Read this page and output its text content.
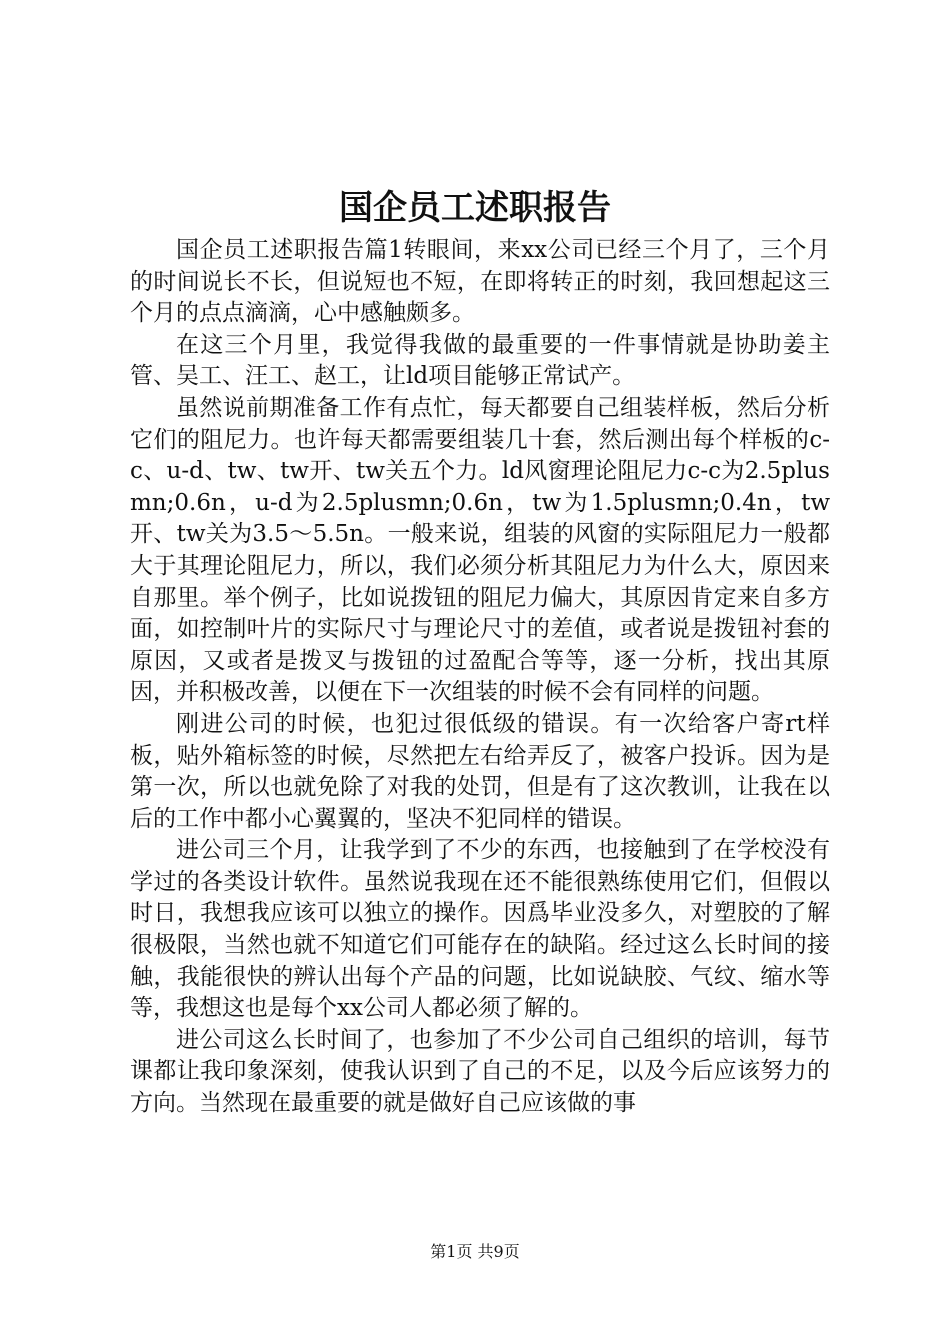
国企员工述职报告

国企员工述职报告篇1转眼间，来xx公司已经三个月了，三个月的时间说长不长，但说短也不短，在即将转正的时刻，我回想起这三个月的点点滴滴，心中感触颇多。

在这三个月里，我觉得我做的最重要的一件事情就是协助姜主管、吴工、汪工、赵工，让ld项目能够正常试产。

虽然说前期准备工作有点忙，每天都要自己组装样板，然后分析它们的阻尼力。也许每天都需要组装几十套，然后测出每个样板的c-c、u-d、tw、tw开、tw关五个力。ld风窗理论阻尼力c-c为2.5plusmn;0.6n，u-d为2.5plusmn;0.6n，tw为1.5plusmn;0.4n，tw开、tw关为3.5～5.5n。一般来说，组装的风窗的实际阻尼力一般都大于其理论阻尼力，所以，我们必须分析其阻尼力为什么大，原因来自那里。举个例子，比如说拨钮的阻尼力偏大，其原因肯定来自多方面，如控制叶片的实际尺寸与理论尺寸的差值，或者说是拨钮衬套的原因，又或者是拨叉与拨钮的过盈配合等等，逐一分析，找出其原因，并积极改善，以便在下一次组装的时候不会有同样的问题。

刚进公司的时候，也犯过很低级的错误。有一次给客户寄rt样板，贴外箱标签的时候，尽然把左右给弄反了，被客户投诉。因为是第一次，所以也就免除了对我的处罚，但是有了这次教训，让我在以后的工作中都小心翼翼的，坚决不犯同样的错误。

进公司三个月，让我学到了不少的东西，也接触到了在学校没有学过的各类设计软件。虽然说我现在还不能很熟练使用它们，但假以时日，我想我应该可以独立的操作。因爲毕业没多久，对塑胶的了解很极限，当然也就不知道它们可能存在的缺陷。经过这么长时间的接触，我能很快的辨认出每个产品的问题，比如说缺胶、气纹、缩水等等，我想这也是每个xx公司人都必须了解的。

进公司这么长时间了，也参加了不少公司自己组织的培训，每节课都让我印象深刻，使我认识到了自己的不足，以及今后应该努力的方向。当然现在最重要的就是做好自己应该做的事

第1页 共9页
